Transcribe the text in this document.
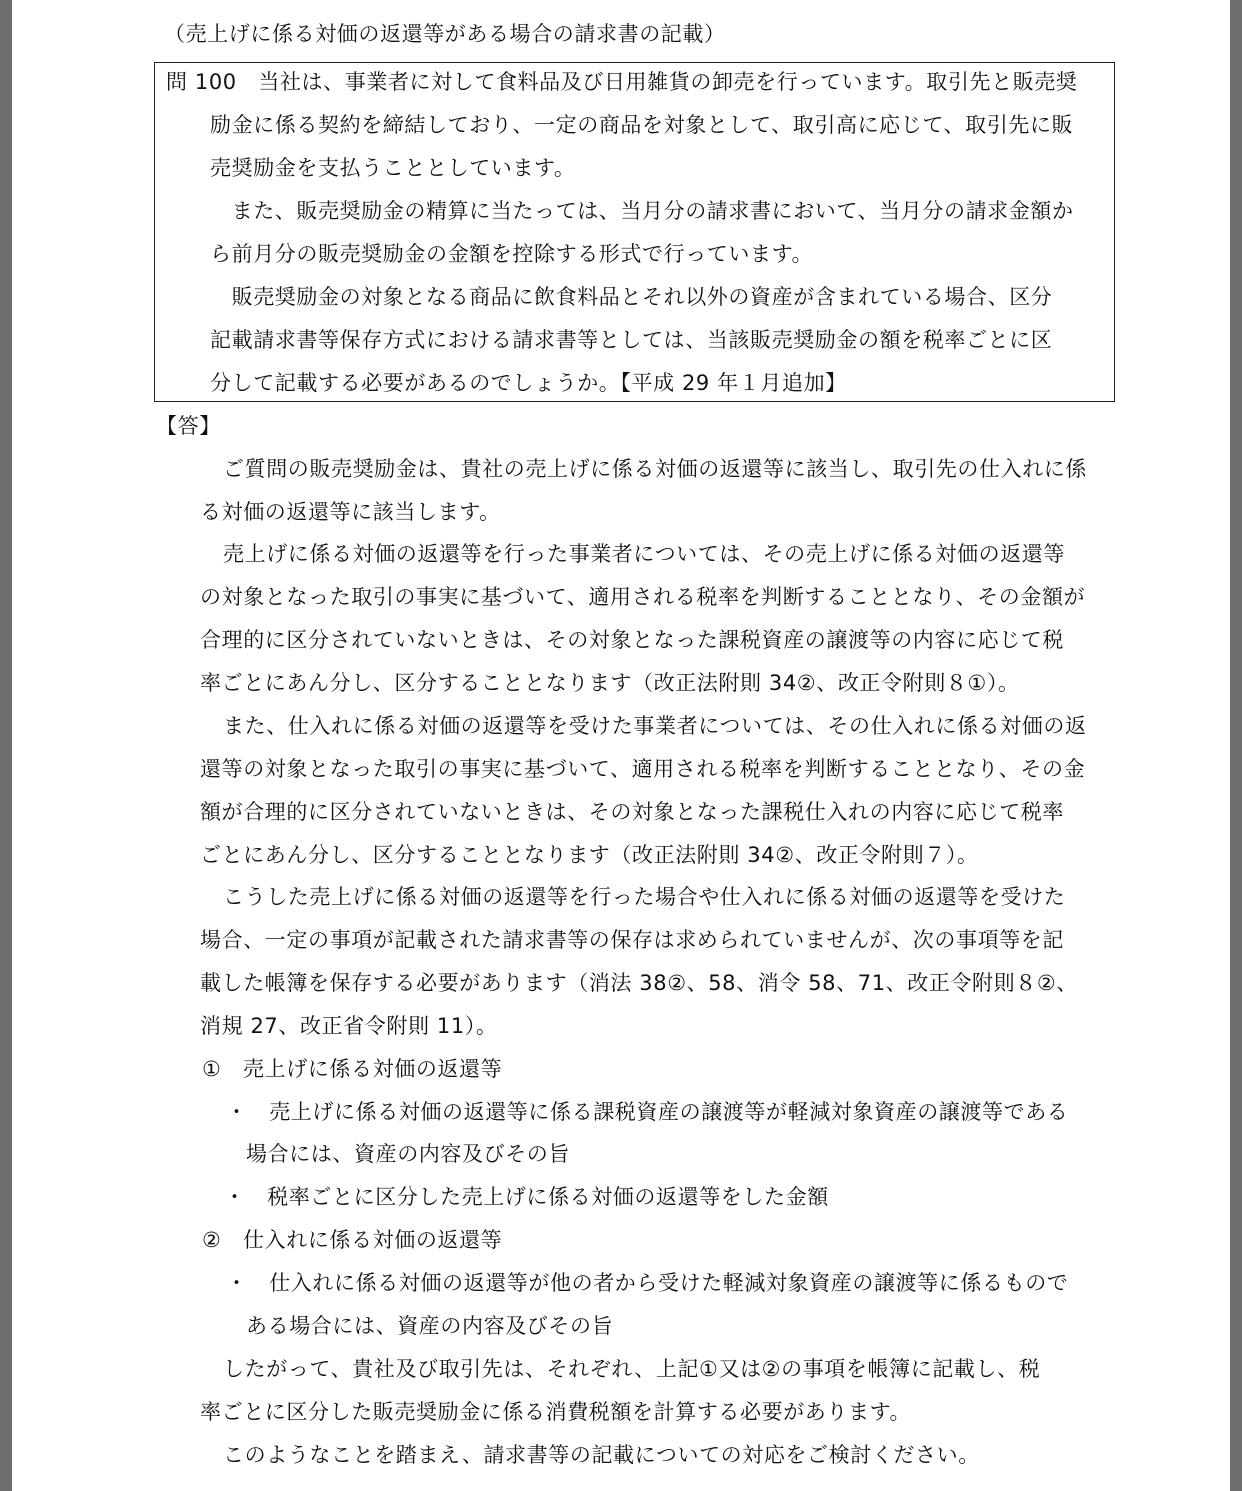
（売上げに係る対価の返還等がある場合の請求書の記載）
問 100　当社は、事業者に対して食料品及び日用雑貨の卸売を行っています。取引先と販売奨
励金に係る契約を締結しており、一定の商品を対象として、取引高に応じて、取引先に販
売奨励金を支払うこととしています。
　また、販売奨励金の精算に当たっては、当月分の請求書において、当月分の請求金額か
ら前月分の販売奨励金の金額を控除する形式で行っています。
　販売奨励金の対象となる商品に飲食料品とそれ以外の資産が含まれている場合、区分
記載請求書等保存方式における請求書等としては、当該販売奨励金の額を税率ごとに区
分して記載する必要があるのでしょうか。【平成 29 年１月追加】
【答】
ご質問の販売奨励金は、貴社の売上げに係る対価の返還等に該当し、取引先の仕入れに係
る対価の返還等に該当します。
売上げに係る対価の返還等を行った事業者については、その売上げに係る対価の返還等
の対象となった取引の事実に基づいて、適用される税率を判断することとなり、その金額が
合理的に区分されていないときは、その対象となった課税資産の譲渡等の内容に応じて税
率ごとにあん分し、区分することとなります（改正法附則 34②、改正令附則８①）。
また、仕入れに係る対価の返還等を受けた事業者については、その仕入れに係る対価の返
還等の対象となった取引の事実に基づいて、適用される税率を判断することとなり、その金
額が合理的に区分されていないときは、その対象となった課税仕入れの内容に応じて税率
ごとにあん分し、区分することとなります（改正法附則 34②、改正令附則７）。
こうした売上げに係る対価の返還等を行った場合や仕入れに係る対価の返還等を受けた
場合、一定の事項が記載された請求書等の保存は求められていませんが、次の事項等を記
載した帳簿を保存する必要があります（消法 38②、58、消令 58、71、改正令附則８②、
消規 27、改正省令附則 11）。
①　売上げに係る対価の返還等
・　売上げに係る対価の返還等に係る課税資産の譲渡等が軽減対象資産の譲渡等である
場合には、資産の内容及びその旨
・　税率ごとに区分した売上げに係る対価の返還等をした金額
②　仕入れに係る対価の返還等
・　仕入れに係る対価の返還等が他の者から受けた軽減対象資産の譲渡等に係るもので
ある場合には、資産の内容及びその旨
したがって、貴社及び取引先は、それぞれ、上記①又は②の事項を帳簿に記載し、税
率ごとに区分した販売奨励金に係る消費税額を計算する必要があります。
このようなことを踏まえ、請求書等の記載についての対応をご検討ください。
